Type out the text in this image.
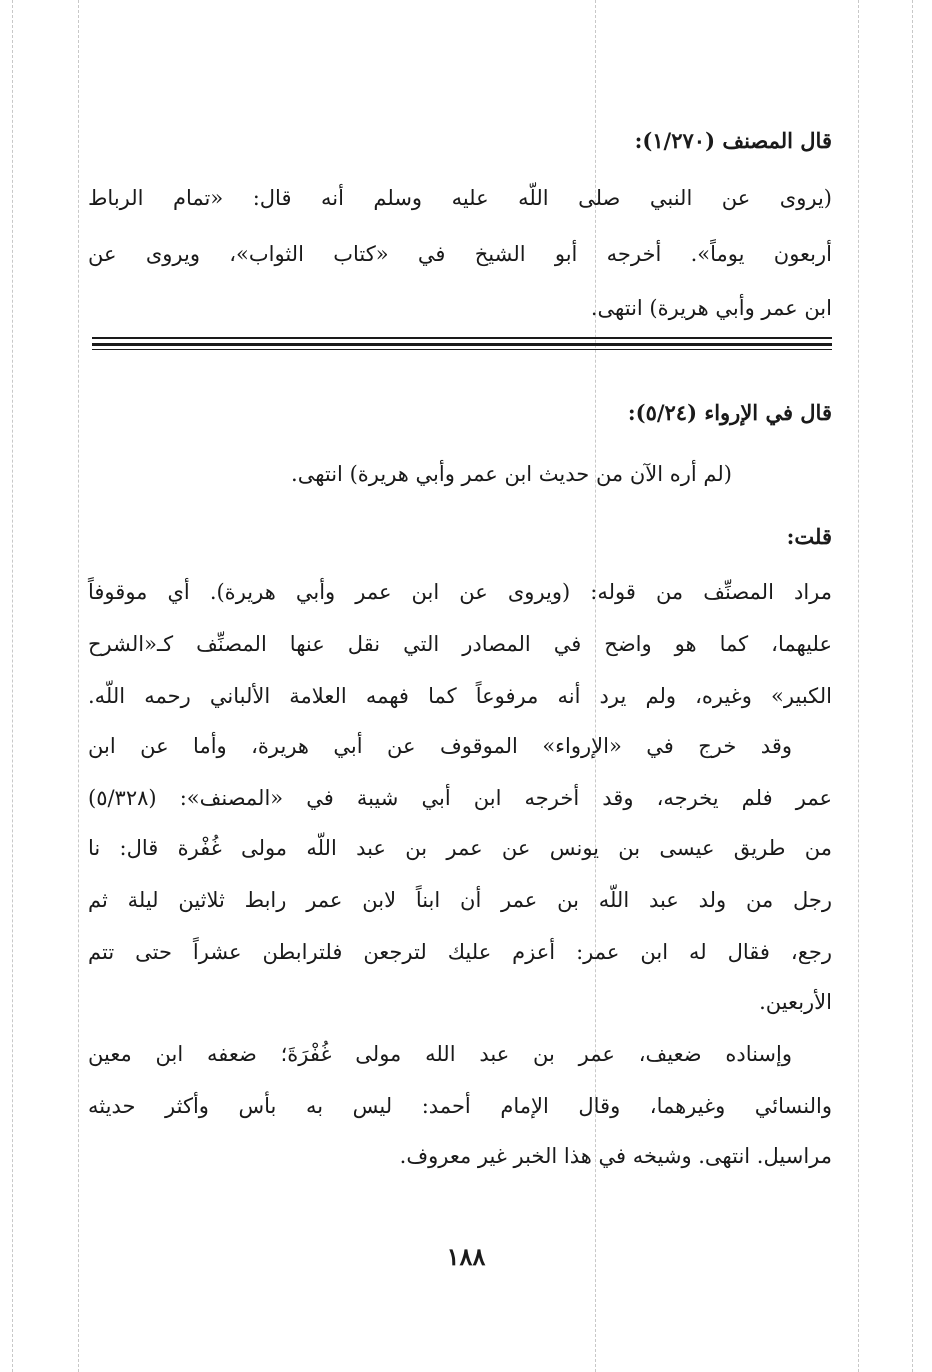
قال المصنف (١/٢٧٠):
(يروى عن النبي صلى اللّه عليه وسلم أنه قال: «تمام الرباط
أربعون يوماً». أخرجه أبو الشيخ في «كتاب الثواب»، ويروى عن
ابن عمر وأبي هريرة) انتهى.
قال في الإرواء (٥/٢٤):
(لم أره الآن من حديث ابن عمر وأبي هريرة) انتهى.
قلت:
مراد المصنِّف من قوله: (ويروى عن ابن عمر وأبي هريرة). أي موقوفاً
عليهما، كما هو واضح في المصادر التي نقل عنها المصنِّف كـ«الشرح
الكبير» وغيره، ولم يرد أنه مرفوعاً كما فهمه العلامة الألباني رحمه اللّه.
وقد خرج في «الإرواء» الموقوف عن أبي هريرة، وأما عن ابن
عمر فلم يخرجه، وقد أخرجه ابن أبي شيبة في «المصنف»: (٥/٣٢٨)
من طريق عيسى بن يونس عن عمر بن عبد اللّه مولى غُفْرة قال: نا
رجل من ولد عبد اللّه بن عمر أن ابناً لابن عمر رابط ثلاثين ليلة ثم
رجع، فقال له ابن عمر: أعزم عليك لترجعن فلترابطن عشراً حتى تتم
الأربعين.
وإسناده ضعيف، عمر بن عبد الله مولى غُفْرَةَ؛ ضعفه ابن معين
والنسائي وغيرهما، وقال الإمام أحمد: ليس به بأس وأكثر حديثه
مراسيل. انتهى. وشيخه في هذا الخبر غير معروف.
١٨٨
